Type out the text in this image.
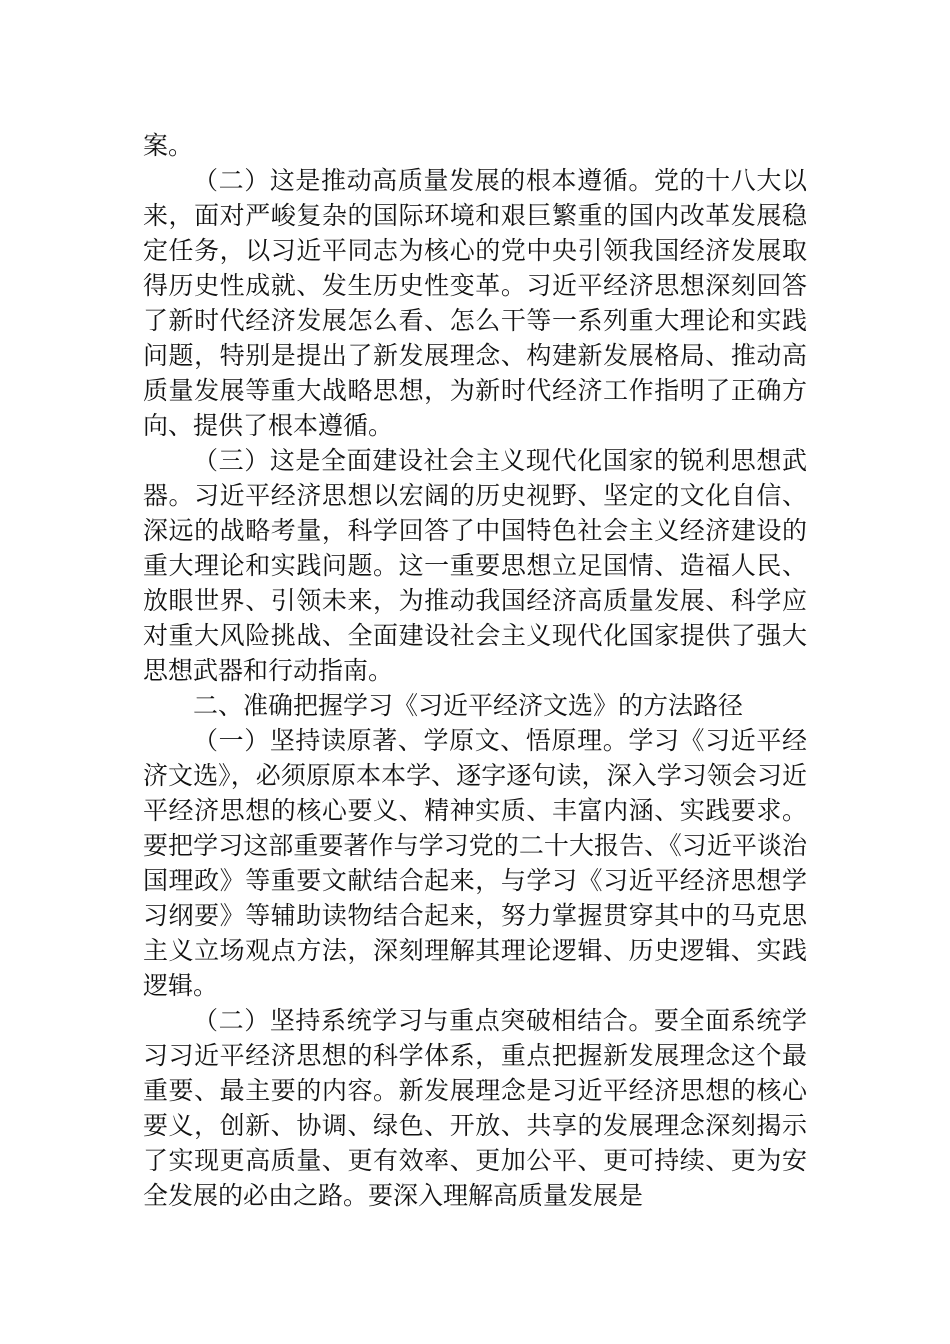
案。

（二）这是推动高质量发展的根本遵循。党的十八大以来，面对严峻复杂的国际环境和艰巨繁重的国内改革发展稳定任务，以习近平同志为核心的党中央引领我国经济发展取得历史性成就、发生历史性变革。习近平经济思想深刻回答了新时代经济发展怎么看、怎么干等一系列重大理论和实践问题，特别是提出了新发展理念、构建新发展格局、推动高质量发展等重大战略思想，为新时代经济工作指明了正确方向、提供了根本遵循。

（三）这是全面建设社会主义现代化国家的锐利思想武器。习近平经济思想以宏阔的历史视野、坚定的文化自信、深远的战略考量，科学回答了中国特色社会主义经济建设的重大理论和实践问题。这一重要思想立足国情、造福人民、放眼世界、引领未来，为推动我国经济高质量发展、科学应对重大风险挑战、全面建设社会主义现代化国家提供了强大思想武器和行动指南。

二、准确把握学习《习近平经济文选》的方法路径

（一）坚持读原著、学原文、悟原理。学习《习近平经济文选》，必须原原本本学、逐字逐句读，深入学习领会习近平经济思想的核心要义、精神实质、丰富内涵、实践要求。要把学习这部重要著作与学习党的二十大报告、《习近平谈治国理政》等重要文献结合起来，与学习《习近平经济思想学习纲要》等辅助读物结合起来，努力掌握贯穿其中的马克思主义立场观点方法，深刻理解其理论逻辑、历史逻辑、实践逻辑。

（二）坚持系统学习与重点突破相结合。要全面系统学习习近平经济思想的科学体系，重点把握新发展理念这个最重要、最主要的内容。新发展理念是习近平经济思想的核心要义，创新、协调、绿色、开放、共享的发展理念深刻揭示了实现更高质量、更有效率、更加公平、更可持续、更为安全发展的必由之路。要深入理解高质量发展是
